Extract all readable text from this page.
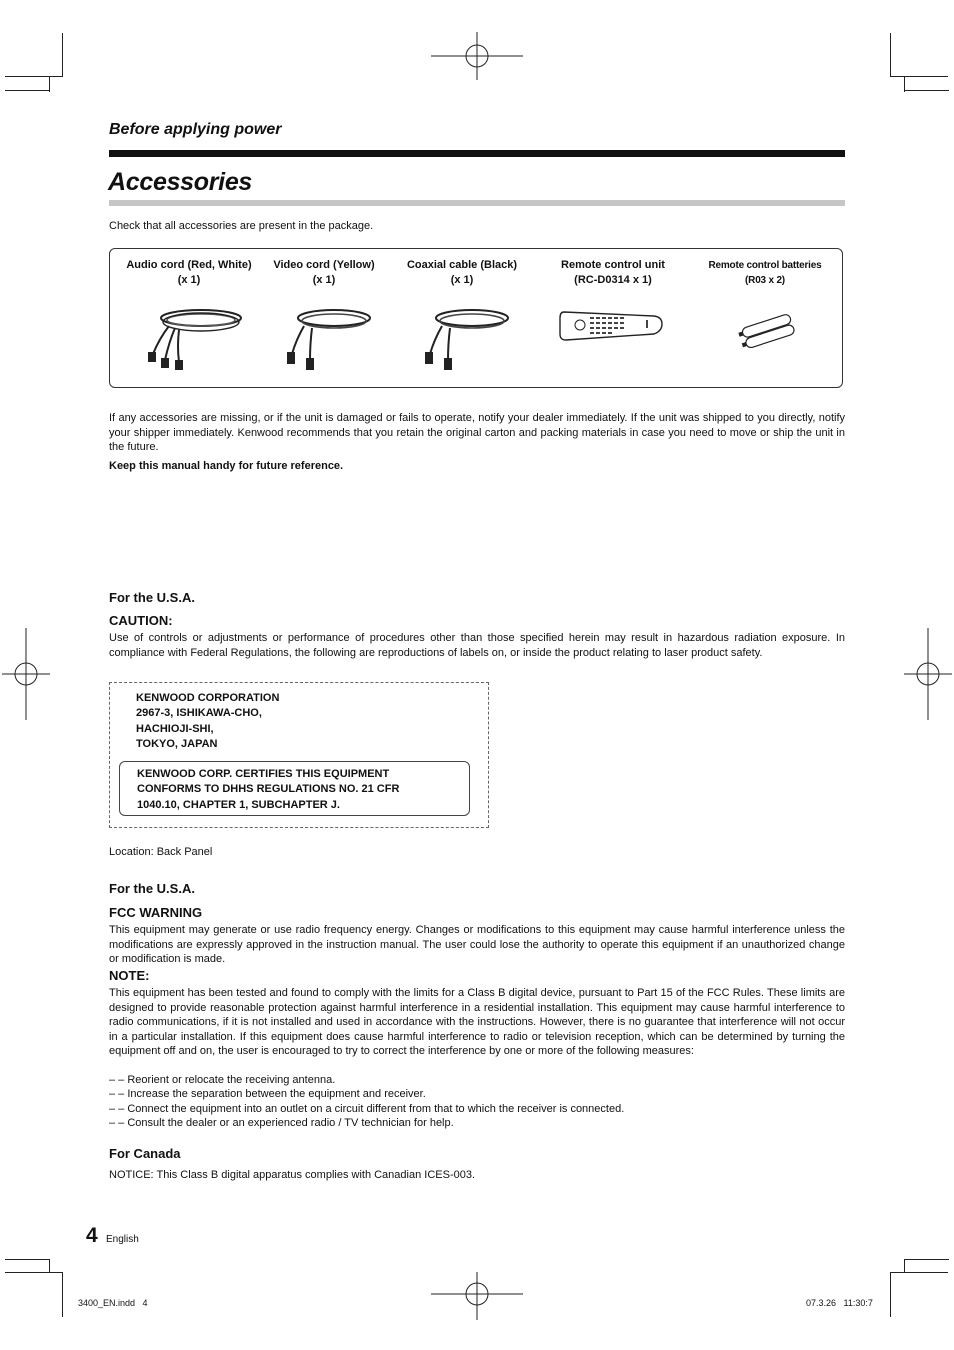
Before applying power
Accessories
Check that all accessories are present in the package.
Audio cord (Red, White)
(x 1)
Video cord (Yellow)
(x 1)
Coaxial cable (Black)
(x 1)
Remote control unit
(RC-D0314 x 1)
Remote control batteries
(R03 x 2)

If any accessories are missing, or if the unit is damaged or fails to operate, notify your dealer immediately. If the unit was shipped to you directly, notify your shipper immediately. Kenwood recommends that you retain the original carton and packing materials in case you need to move or ship the unit in the future.

Keep this manual handy for future reference.

For the U.S.A.
CAUTION:

Use of controls or adjustments or performance of procedures other than those specified herein may result in hazardous radiation exposure. In compliance with Federal Regulations, the following are reproductions of labels on, or inside the product relating to laser product safety.

KENWOOD CORPORATION
2967-3, ISHIKAWA-CHO,
HACHIOJI-SHI,
TOKYO, JAPAN
KENWOOD CORP. CERTIFIES THIS EQUIPMENT
CONFORMS TO DHHS REGULATIONS NO. 21 CFR
1040.10, CHAPTER 1, SUBCHAPTER J.
Location: Back Panel
For the U.S.A.
FCC WARNING

This equipment may generate or use radio frequency energy. Changes or modifications to this equipment may cause harmful interference unless the modifications are expressly approved in the instruction manual. The user could lose the authority to operate this equipment if an unauthorized change or modification is made.

NOTE:

This equipment has been tested and found to comply with the limits for a Class B digital device, pursuant to Part 15 of the FCC Rules. These limits are designed to provide reasonable protection against harmful interference in a residential installation. This equipment may cause harmful interference to radio communications, if it is not installed and used in accordance with the instructions. However, there is no guarantee that interference will not occur in a particular installation. If this equipment does cause harmful interference to radio or television reception, which can be determined by turning the equipment off and on, the user is encouraged to try to correct the interference by one or more of the following measures:

– – Reorient or relocate the receiving antenna.
– – Increase the separation between the equipment and receiver.
– – Connect the equipment into an outlet on a circuit different from that to which the receiver is connected.
– – Consult the dealer or an experienced radio / TV technician for help.
For Canada
NOTICE: This Class B digital apparatus complies with Canadian ICES-003.
4 English
3400_EN.indd   4	07.3.26   11:30:7
